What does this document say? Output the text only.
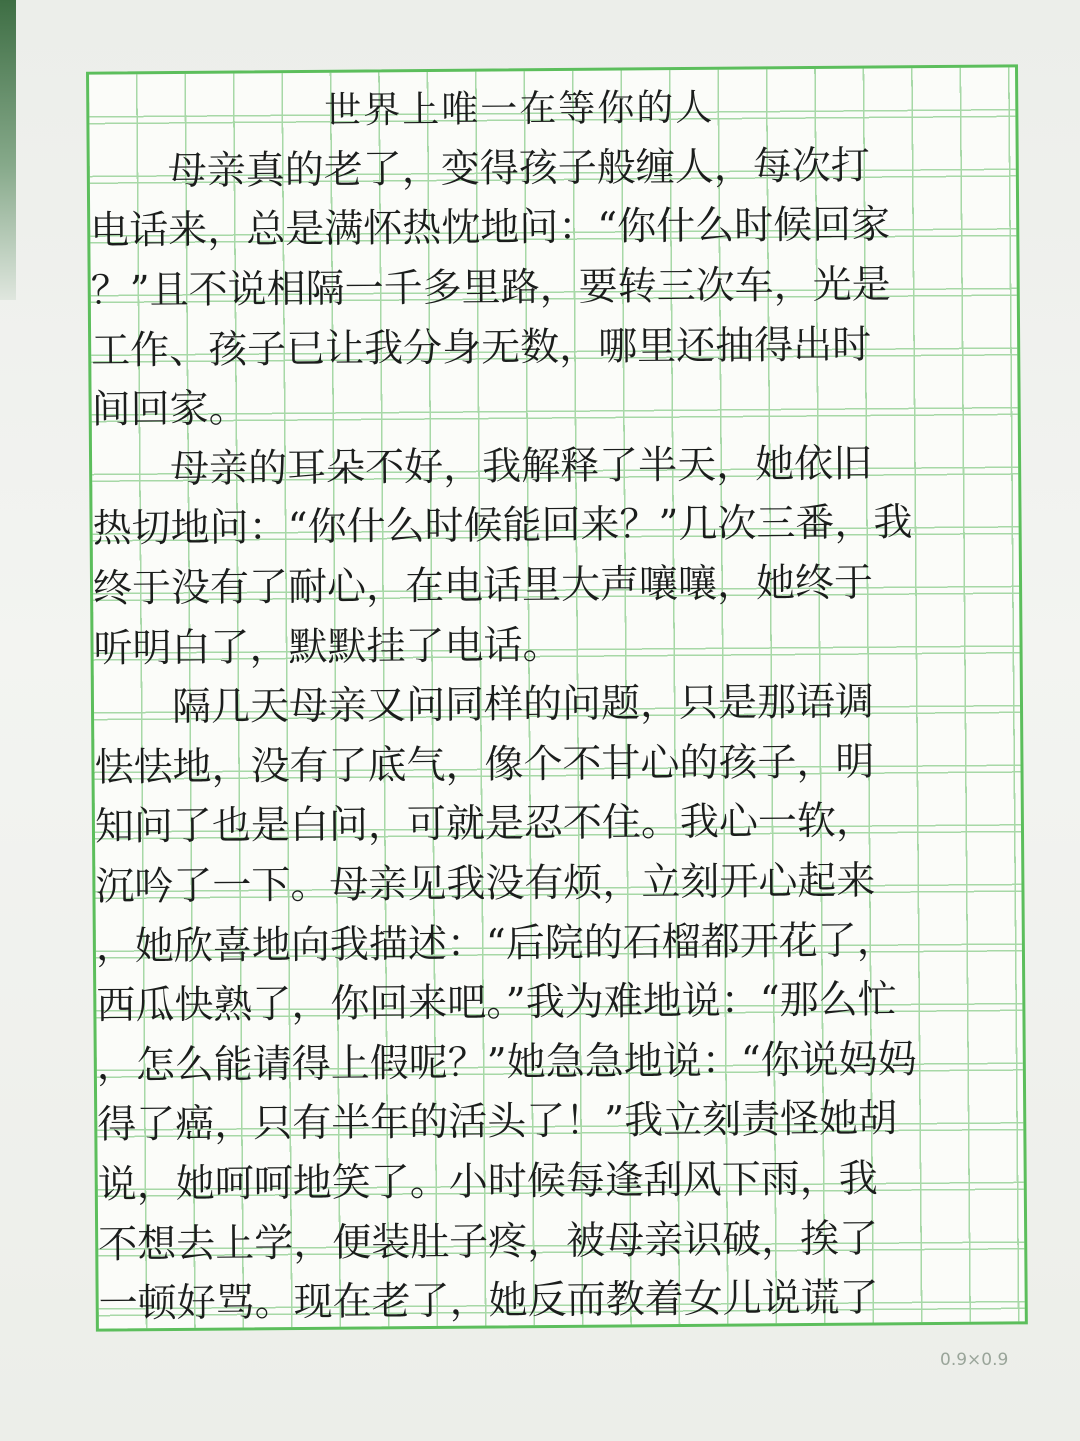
世界上唯一在等你的人
　　母亲真的老了，变得孩子般缠人，每次打
电话来，总是满怀热忱地问：“你什么时候回家
？”且不说相隔一千多里路，要转三次车，光是
工作、孩子已让我分身无数，哪里还抽得出时
间回家。
　　母亲的耳朵不好，我解释了半天，她依旧
热切地问：“你什么时候能回来？”几次三番，我
终于没有了耐心，在电话里大声嚷嚷，她终于
听明白了，默默挂了电话。
　　隔几天母亲又问同样的问题，只是那语调
怯怯地，没有了底气，像个不甘心的孩子，明
知问了也是白问，可就是忍不住。我心一软，
沉吟了一下。母亲见我没有烦，立刻开心起来
，她欣喜地向我描述：“后院的石榴都开花了，
西瓜快熟了，你回来吧。”我为难地说：“那么忙
，怎么能请得上假呢？”她急急地说：“你说妈妈
得了癌，只有半年的活头了！”我立刻责怪她胡
说，她呵呵地笑了。小时候每逢刮风下雨，我
不想去上学，便装肚子疼，被母亲识破，挨了
一顿好骂。现在老了，她反而教着女儿说谎了
0.9×0.9
